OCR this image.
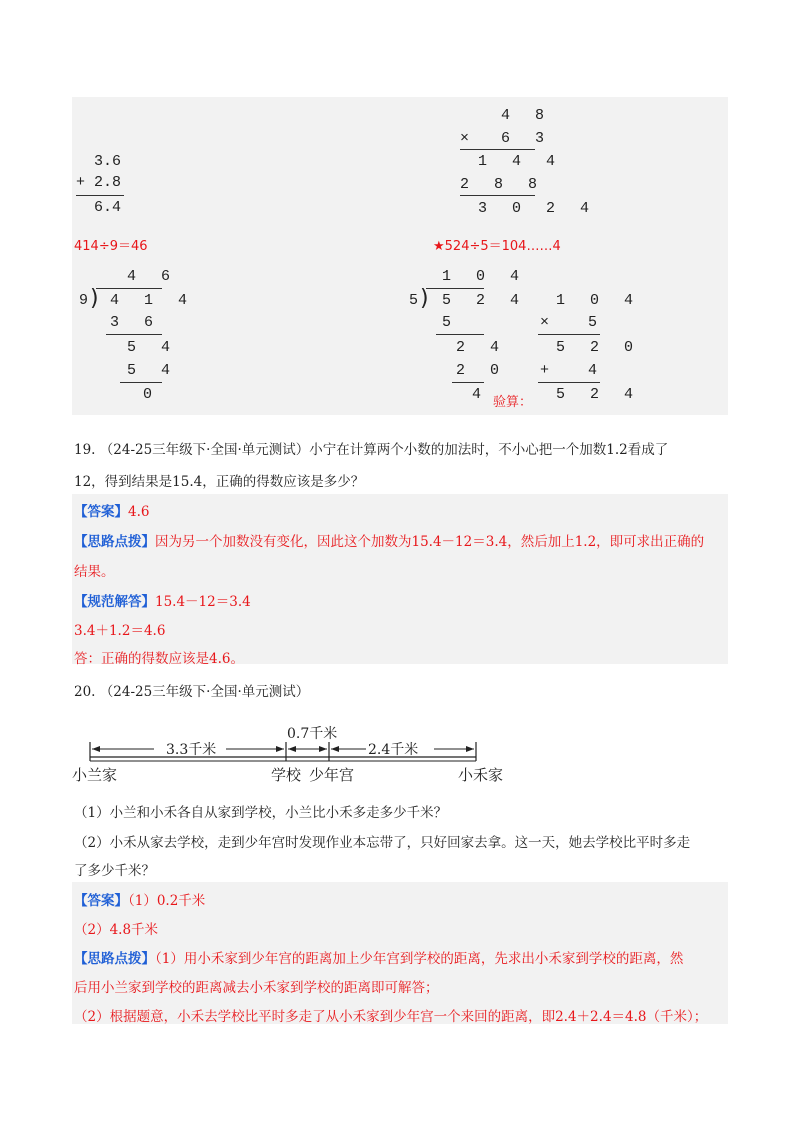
3.6
+ 2.8
6.4
4 8
× 6 3
1 4 4
2 8 8
3 0 2 4
414÷9＝46
4 6
9 ) 4 1 4
3 6
5 4
5 4
0
★524÷5＝104……4
1 0 4
5 ) 5 2 4
5
2 4
2 0
4
1 0 4
×	5
5 2 0
+	4
验算： 5 2 4
19. （24-25三年级下·全国·单元测试）小宁在计算两个小数的加法时，不小心把一个加数1.2看成了
12，得到结果是15.4，正确的得数应该是多少？
【答案】4.6
【思路点拨】因为另一个加数没有变化，因此这个加数为15.4－12＝3.4，然后加上1.2，即可求出正确的
结果。
【规范解答】15.4－12＝3.4
3.4＋1.2＝4.6
答：正确的得数应该是4.6。
20. （24-25三年级下·全国·单元测试）
3.3千米
0.7千米
2.4千米
小兰家	学校 少年宫	小禾家
（1）小兰和小禾各自从家到学校，小兰比小禾多走多少千米？
（2）小禾从家去学校，走到少年宫时发现作业本忘带了，只好回家去拿。这一天，她去学校比平时多走
了多少千米？
【答案】（1）0.2千米
（2）4.8千米
【思路点拨】（1）用小禾家到少年宫的距离加上少年宫到学校的距离，先求出小禾家到学校的距离，然
后用小兰家到学校的距离减去小禾家到学校的距离即可解答；
（2）根据题意，小禾去学校比平时多走了从小禾家到少年宫一个来回的距离，即2.4＋2.4＝4.8（千米）；
